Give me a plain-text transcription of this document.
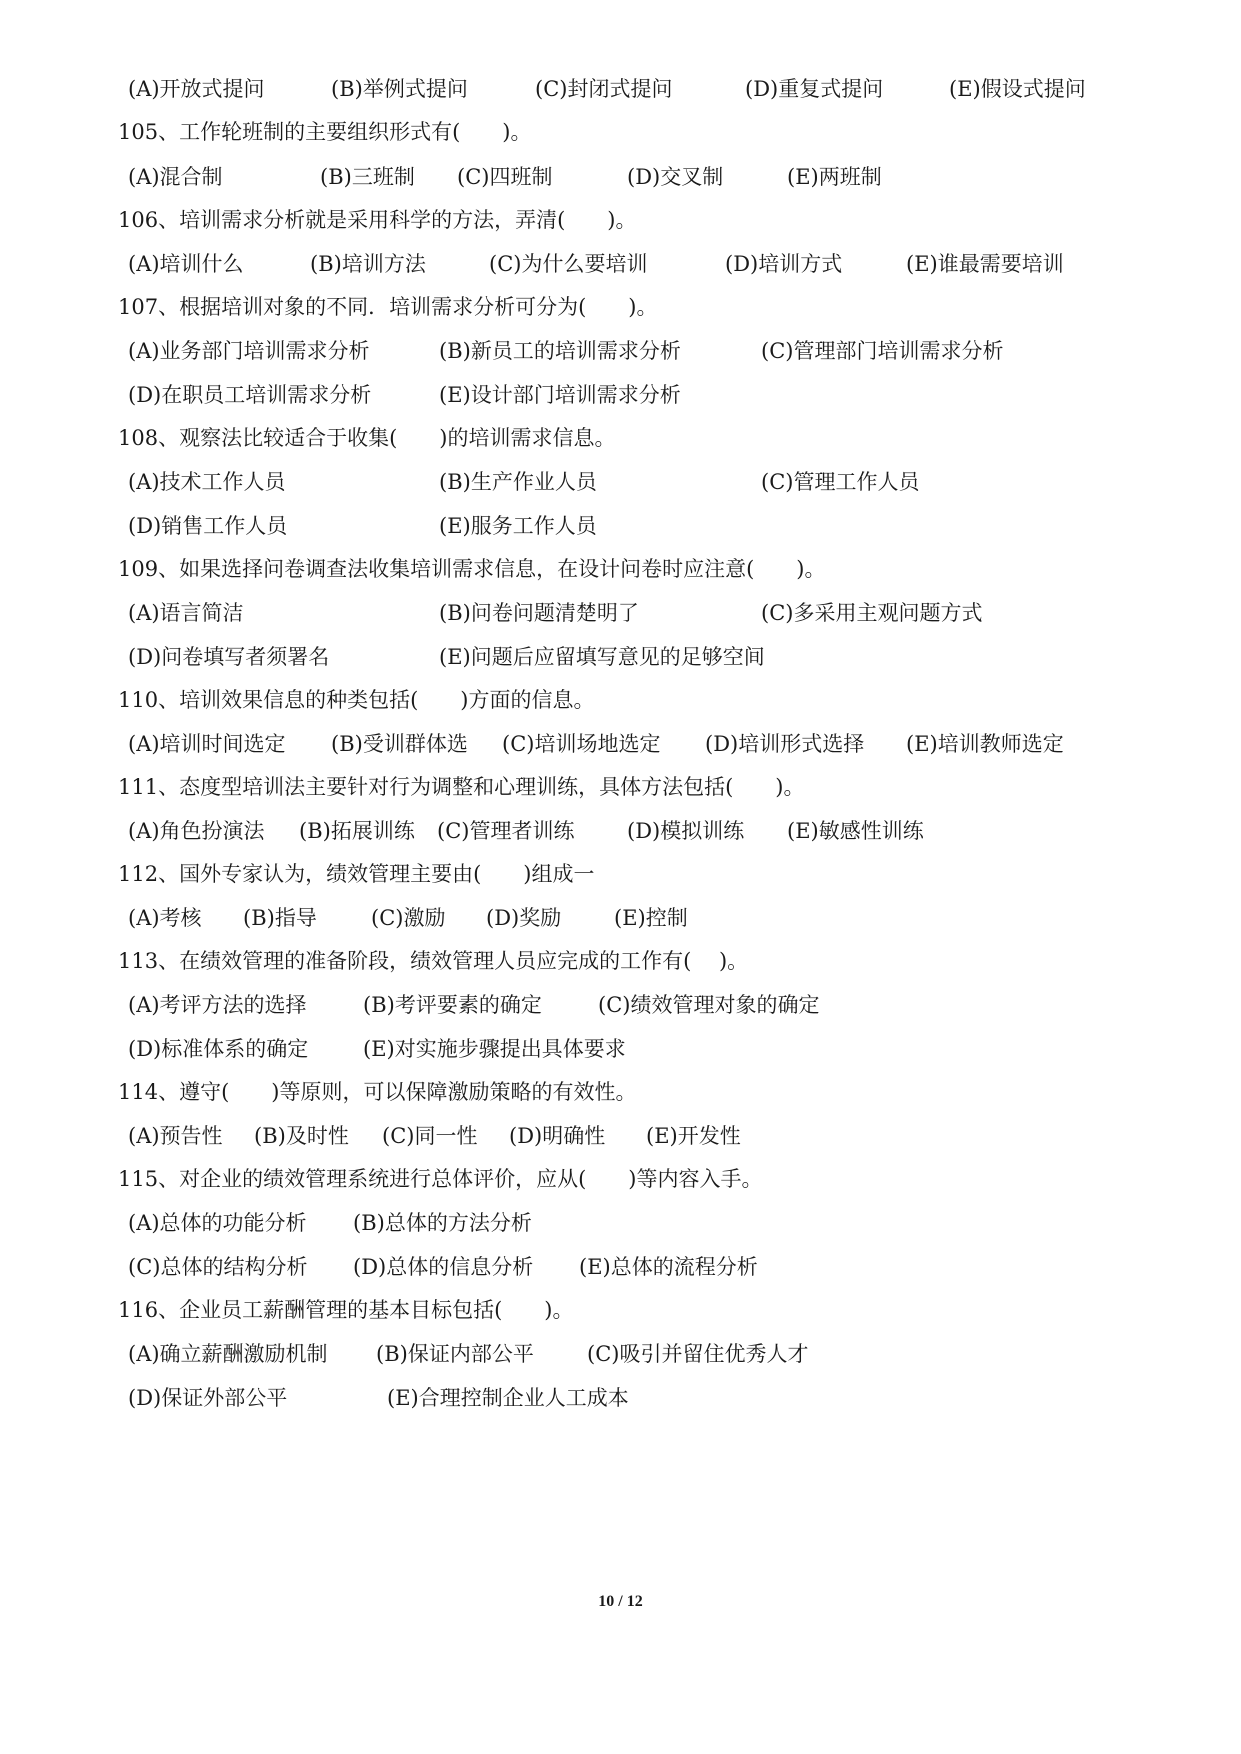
(A)开放式提问	(B)举例式提问	(C)封闭式提问	(D)重复式提问	(E)假设式提问
105、工作轮班制的主要组织形式有(　　)。
(A)混合制	(B)三班制 (C)四班制	(D)交叉制	(E)两班制
106、培训需求分析就是采用科学的方法，弄清(　　)。
(A)培训什么	(B)培训方法	(C)为什么要培训	(D)培训方式	(E)谁最需要培训
107、根据培训对象的不同．培训需求分析可分为(　　)。
(A)业务部门培训需求分析	(B)新员工的培训需求分析	(C)管理部门培训需求分析
(D)在职员工培训需求分析	(E)设计部门培训需求分析
108、观察法比较适合于收集(　　)的培训需求信息。
(A)技术工作人员	(B)生产作业人员	(C)管理工作人员
(D)销售工作人员	(E)服务工作人员
109、如果选择问卷调查法收集培训需求信息，在设计问卷时应注意(　　)。
(A)语言简洁	(B)问卷问题清楚明了	(C)多采用主观问题方式
(D)问卷填写者须署名	(E)问题后应留填写意见的足够空间
110、培训效果信息的种类包括(　　)方面的信息。
(A)培训时间选定 (B)受训群体选 (C)培训场地选定 (D)培训形式选择 (E)培训教师选定
111、态度型培训法主要针对行为调整和心理训练，具体方法包括(　　)。
(A)角色扮演法 (B)拓展训练 (C)管理者训练	(D)模拟训练 (E)敏感性训练
112、国外专家认为，绩效管理主要由(　　)组成一
(A)考核 (B)指导	(C)激励 (D)奖励	(E)控制
113、在绩效管理的准备阶段，绩效管理人员应完成的工作有(　 )。
(A)考评方法的选择	(B)考评要素的确定	(C)绩效管理对象的确定
(D)标准体系的确定	(E)对实施步骤提出具体要求
114、遵守(　　)等原则，可以保障激励策略的有效性。
(A)预告性 (B)及时性 (C)同一性 (D)明确性 (E)开发性
115、对企业的绩效管理系统进行总体评价，应从(　　)等内容入手。
(A)总体的功能分析 (B)总体的方法分析
(C)总体的结构分析 (D)总体的信息分析 (E)总体的流程分析
116、企业员工薪酬管理的基本目标包括(　　)。
(A)确立薪酬激励机制 (B)保证内部公平	(C)吸引并留住优秀人才
(D)保证外部公平	(E)合理控制企业人工成本
10 / 12
